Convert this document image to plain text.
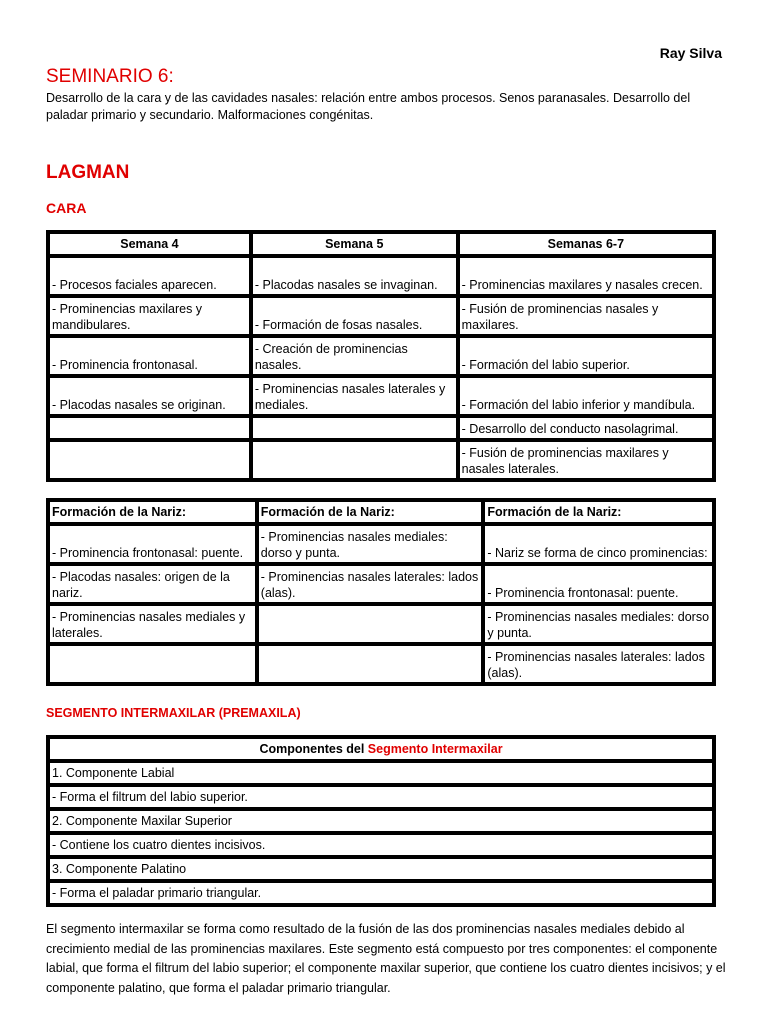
Ray Silva
SEMINARIO 6:
Desarrollo de la cara y de las cavidades nasales: relación entre ambos procesos. Senos paranasales. Desarrollo del paladar primario y secundario. Malformaciones congénitas.
LAGMAN
CARA
Semana 4	Semana 5	Semanas 6-7
- Procesos faciales aparecen.	- Placodas nasales se invaginan.	- Prominencias maxilares y nasales crecen.
- Prominencias maxilares y mandibulares.	- Formación de fosas nasales.	- Fusión de prominencias nasales y maxilares.
- Prominencia frontonasal.	- Creación de prominencias nasales.	- Formación del labio superior.
- Placodas nasales se originan.	- Prominencias nasales laterales y mediales.	- Formación del labio inferior y mandíbula.
		- Desarrollo del conducto nasolagrimal.
		- Fusión de prominencias maxilares y nasales laterales.
Formación de la Nariz:	Formación de la Nariz:	Formación de la Nariz:
- Prominencia frontonasal: puente.	- Prominencias nasales mediales: dorso y punta.	- Nariz se forma de cinco prominencias:
- Placodas nasales: origen de la nariz.	- Prominencias nasales laterales: lados (alas).	- Prominencia frontonasal: puente.
- Prominencias nasales mediales y laterales.		- Prominencias nasales mediales: dorso y punta.
		- Prominencias nasales laterales: lados (alas).
SEGMENTO INTERMAXILAR (PREMAXILA)
Componentes del Segmento Intermaxilar
1. Componente Labial
- Forma el filtrum del labio superior.
2. Componente Maxilar Superior
- Contiene los cuatro dientes incisivos.
3. Componente Palatino
- Forma el paladar primario triangular.
El segmento intermaxilar se forma como resultado de la fusión de las dos prominencias nasales mediales debido al crecimiento medial de las prominencias maxilares. Este segmento está compuesto por tres componentes: el componente labial, que forma el filtrum del labio superior; el componente maxilar superior, que contiene los cuatro dientes incisivos; y el componente palatino, que forma el paladar primario triangular.
